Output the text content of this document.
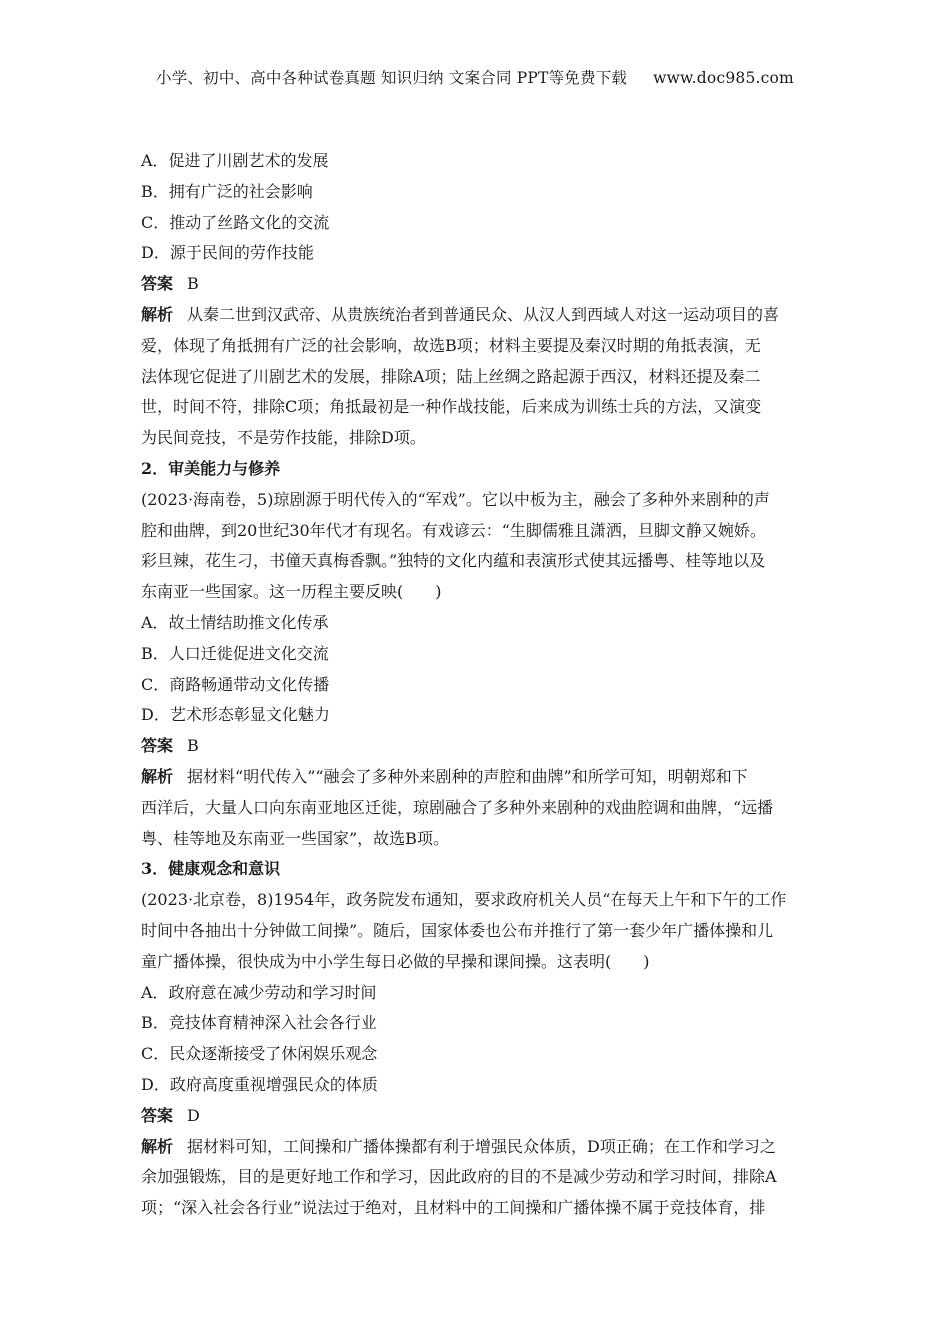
小学、初中、高中各种试卷真题 知识归纳 文案合同 PPT等免费下载 www.doc985.com
A．促进了川剧艺术的发展
B．拥有广泛的社会影响
C．推动了丝路文化的交流
D．源于民间的劳作技能
答案 B
解析 从秦二世到汉武帝、从贵族统治者到普通民众、从汉人到西域人对这一运动项目的喜
爱，体现了角抵拥有广泛的社会影响，故选B项；材料主要提及秦汉时期的角抵表演，无
法体现它促进了川剧艺术的发展，排除A项；陆上丝绸之路起源于西汉，材料还提及秦二
世，时间不符，排除C项；角抵最初是一种作战技能，后来成为训练士兵的方法，又演变
为民间竞技，不是劳作技能，排除D项。
2．审美能力与修养
(2023·海南卷，5)琼剧源于明代传入的“军戏”。它以中板为主，融会了多种外来剧种的声
腔和曲牌，到20世纪30年代才有现名。有戏谚云：“生脚儒雅且潇洒，旦脚文静又婉娇。
彩旦辣，花生刁，书僮天真梅香飘。”独特的文化内蕴和表演形式使其远播粤、桂等地以及
东南亚一些国家。这一历程主要反映(　　)
A．故土情结助推文化传承
B．人口迁徙促进文化交流
C．商路畅通带动文化传播
D．艺术形态彰显文化魅力
答案 B
解析 据材料“明代传入”“融会了多种外来剧种的声腔和曲牌”和所学可知，明朝郑和下
西洋后，大量人口向东南亚地区迁徙，琼剧融合了多种外来剧种的戏曲腔调和曲牌，“远播
粤、桂等地及东南亚一些国家”，故选B项。
3．健康观念和意识
(2023·北京卷，8)1954年，政务院发布通知，要求政府机关人员“在每天上午和下午的工作
时间中各抽出十分钟做工间操”。随后，国家体委也公布并推行了第一套少年广播体操和儿
童广播体操，很快成为中小学生每日必做的早操和课间操。这表明(　　)
A．政府意在减少劳动和学习时间
B．竞技体育精神深入社会各行业
C．民众逐渐接受了休闲娱乐观念
D．政府高度重视增强民众的体质
答案 D
解析 据材料可知，工间操和广播体操都有利于增强民众体质，D项正确；在工作和学习之
余加强锻炼，目的是更好地工作和学习，因此政府的目的不是减少劳动和学习时间，排除A
项；“深入社会各行业”说法过于绝对，且材料中的工间操和广播体操不属于竞技体育，排
